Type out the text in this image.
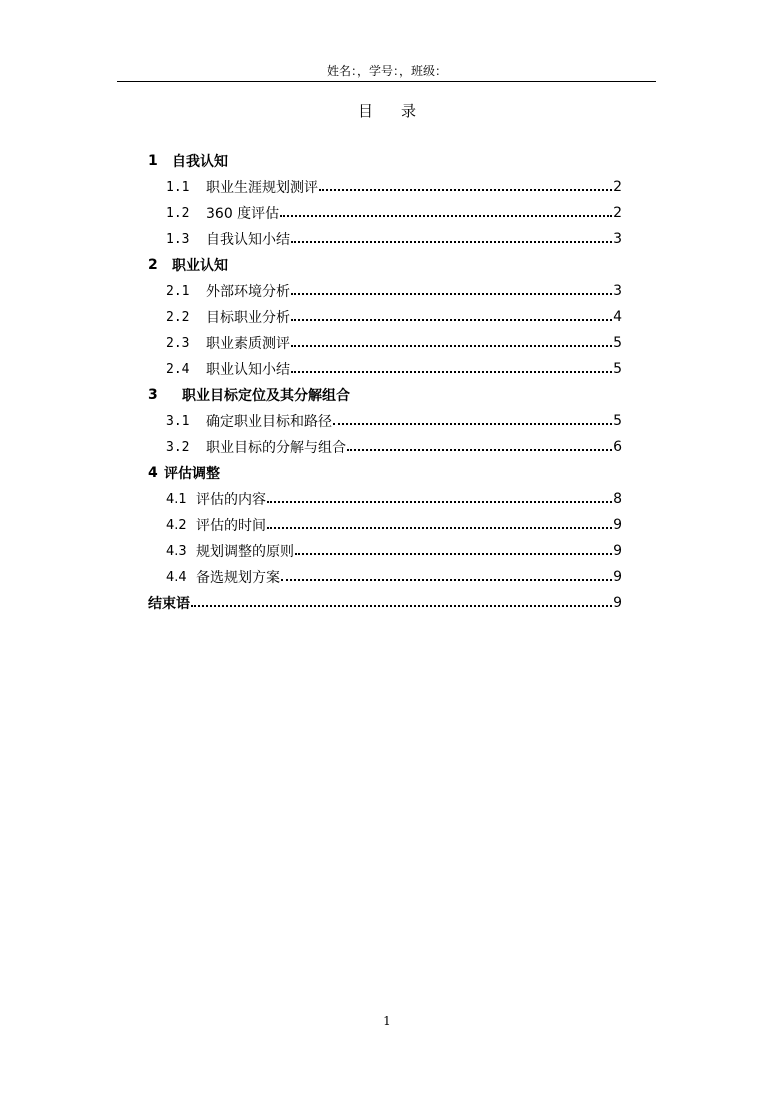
姓名：，学号：，班级：
目录
1	自我认知
1.1	职业生涯规划测评	2
1.2	360 度评估	2
1.3	自我认知小结	3
2	职业认知
2.1	外部环境分析	3
2.2	目标职业分析	4
2.3	职业素质测评	5
2.4	职业认知小结	5
3	职业目标定位及其分解组合
3.1	确定职业目标和路径	5
3.2	职业目标的分解与组合	6
4 评估调整
4.1 评估的内容	8
4.2 评估的时间	9
4.3 规划调整的原则	9
4.4 备选规划方案	9
结束语	9
1
